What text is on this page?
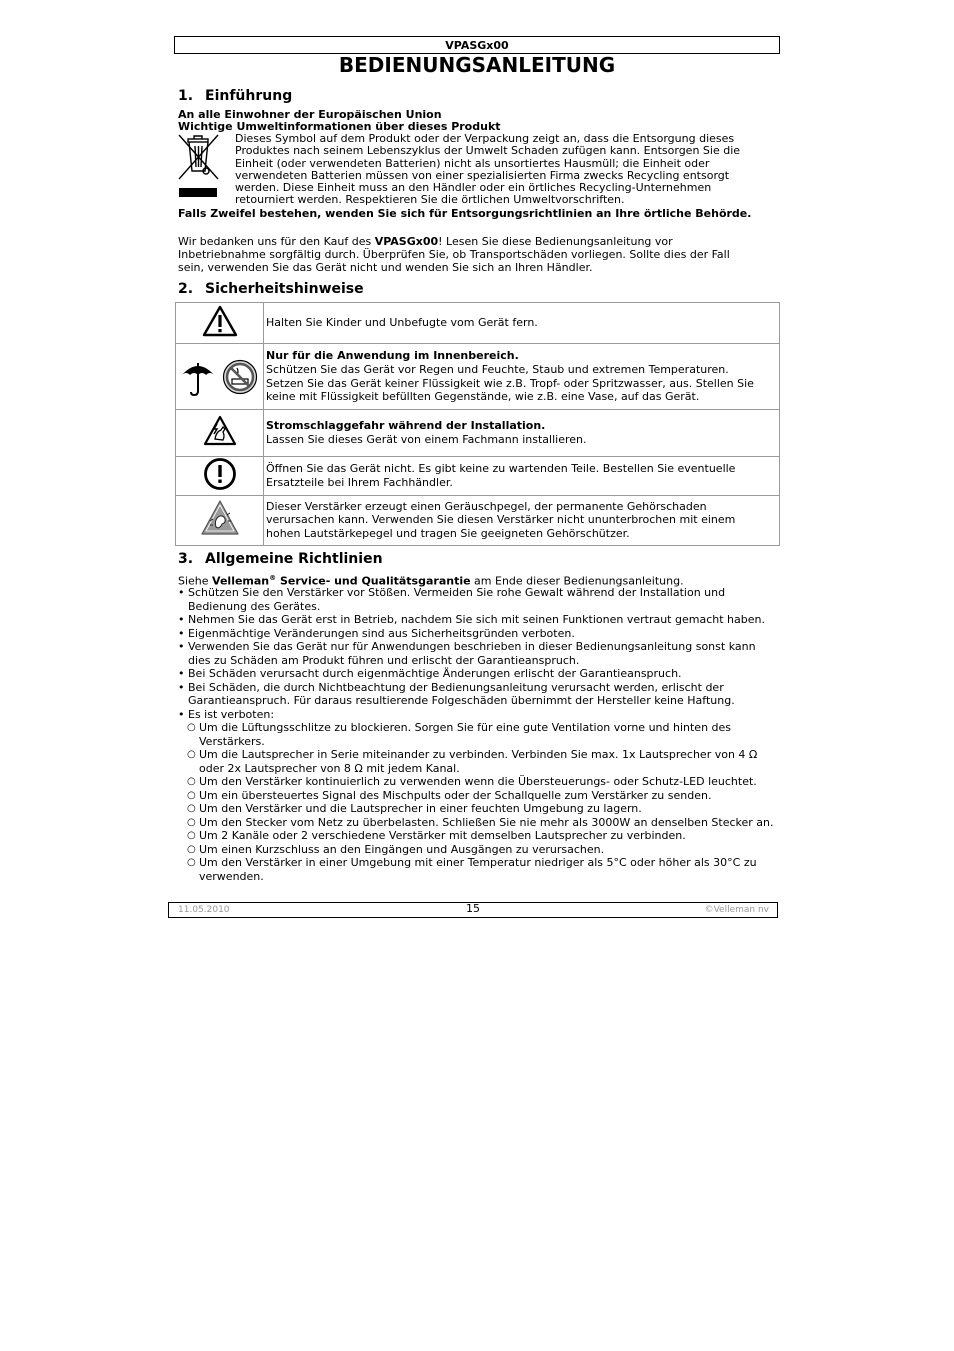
VPASGx00
BEDIENUNGSANLEITUNG
1. Einführung
An alle Einwohner der Europäischen Union
Wichtige Umweltinformationen über dieses Produkt
Dieses Symbol auf dem Produkt oder der Verpackung zeigt an, dass die Entsorgung dieses
Produktes nach seinem Lebenszyklus der Umwelt Schaden zufügen kann. Entsorgen Sie die
Einheit (oder verwendeten Batterien) nicht als unsortiertes Hausmüll; die Einheit oder
verwendeten Batterien müssen von einer spezialisierten Firma zwecks Recycling entsorgt
werden. Diese Einheit muss an den Händler oder ein örtliches Recycling-Unternehmen
retourniert werden. Respektieren Sie die örtlichen Umweltvorschriften.
Falls Zweifel bestehen, wenden Sie sich für Entsorgungsrichtlinien an Ihre örtliche Behörde.
Wir bedanken uns für den Kauf des VPASGx00! Lesen Sie diese Bedienungsanleitung vor
Inbetriebnahme sorgfältig durch. Überprüfen Sie, ob Transportschäden vorliegen. Sollte dies der Fall
sein, verwenden Sie das Gerät nicht und wenden Sie sich an Ihren Händler.
2. Sicherheitshinweise

Halten Sie Kinder und Unbefugte vom Gerät fern.

Nur für die Anwendung im Innenbereich.
Schützen Sie das Gerät vor Regen und Feuchte, Staub und extremen Temperaturen.
Setzen Sie das Gerät keiner Flüssigkeit wie z.B. Tropf- oder Spritzwasser, aus. Stellen Sie
keine mit Flüssigkeit befüllten Gegenstände, wie z.B. eine Vase, auf das Gerät.

Stromschlaggefahr während der Installation.
Lassen Sie dieses Gerät von einem Fachmann installieren.

Öffnen Sie das Gerät nicht. Es gibt keine zu wartenden Teile. Bestellen Sie eventuelle
Ersatzteile bei Ihrem Fachhändler.

Dieser Verstärker erzeugt einen Geräuschpegel, der permanente Gehörschaden
verursachen kann. Verwenden Sie diesen Verstärker nicht ununterbrochen mit einem
hohen Lautstärkepegel und tragen Sie geeigneten Gehörschützer.
3. Allgemeine Richtlinien
Siehe Velleman® Service- und Qualitätsgarantie am Ende dieser Bedienungsanleitung.
• Schützen Sie den Verstärker vor Stößen. Vermeiden Sie rohe Gewalt während der Installation und
Bedienung des Gerätes.
• Nehmen Sie das Gerät erst in Betrieb, nachdem Sie sich mit seinen Funktionen vertraut gemacht haben.
• Eigenmächtige Veränderungen sind aus Sicherheitsgründen verboten.
• Verwenden Sie das Gerät nur für Anwendungen beschrieben in dieser Bedienungsanleitung sonst kann
dies zu Schäden am Produkt führen und erlischt der Garantieanspruch.
• Bei Schäden verursacht durch eigenmächtige Änderungen erlischt der Garantieanspruch.
• Bei Schäden, die durch Nichtbeachtung der Bedienungsanleitung verursacht werden, erlischt der
Garantieanspruch. Für daraus resultierende Folgeschäden übernimmt der Hersteller keine Haftung.
• Es ist verboten:
○ Um die Lüftungsschlitze zu blockieren. Sorgen Sie für eine gute Ventilation vorne und hinten des
Verstärkers.
○ Um die Lautsprecher in Serie miteinander zu verbinden. Verbinden Sie max. 1x Lautsprecher von 4 Ω
oder 2x Lautsprecher von 8 Ω mit jedem Kanal.
○ Um den Verstärker kontinuierlich zu verwenden wenn die Übersteuerungs- oder Schutz-LED leuchtet.
○ Um ein übersteuertes Signal des Mischpults oder der Schallquelle zum Verstärker zu senden.
○ Um den Verstärker und die Lautsprecher in einer feuchten Umgebung zu lagern.
○ Um den Stecker vom Netz zu überbelasten. Schließen Sie nie mehr als 3000W an denselben Stecker an.
○ Um 2 Kanäle oder 2 verschiedene Verstärker mit demselben Lautsprecher zu verbinden.
○ Um einen Kurzschluss an den Eingängen und Ausgängen zu verursachen.
○ Um den Verstärker in einer Umgebung mit einer Temperatur niedriger als 5°C oder höher als 30°C zu
verwenden.
11.05.2010	15	©Velleman nv
